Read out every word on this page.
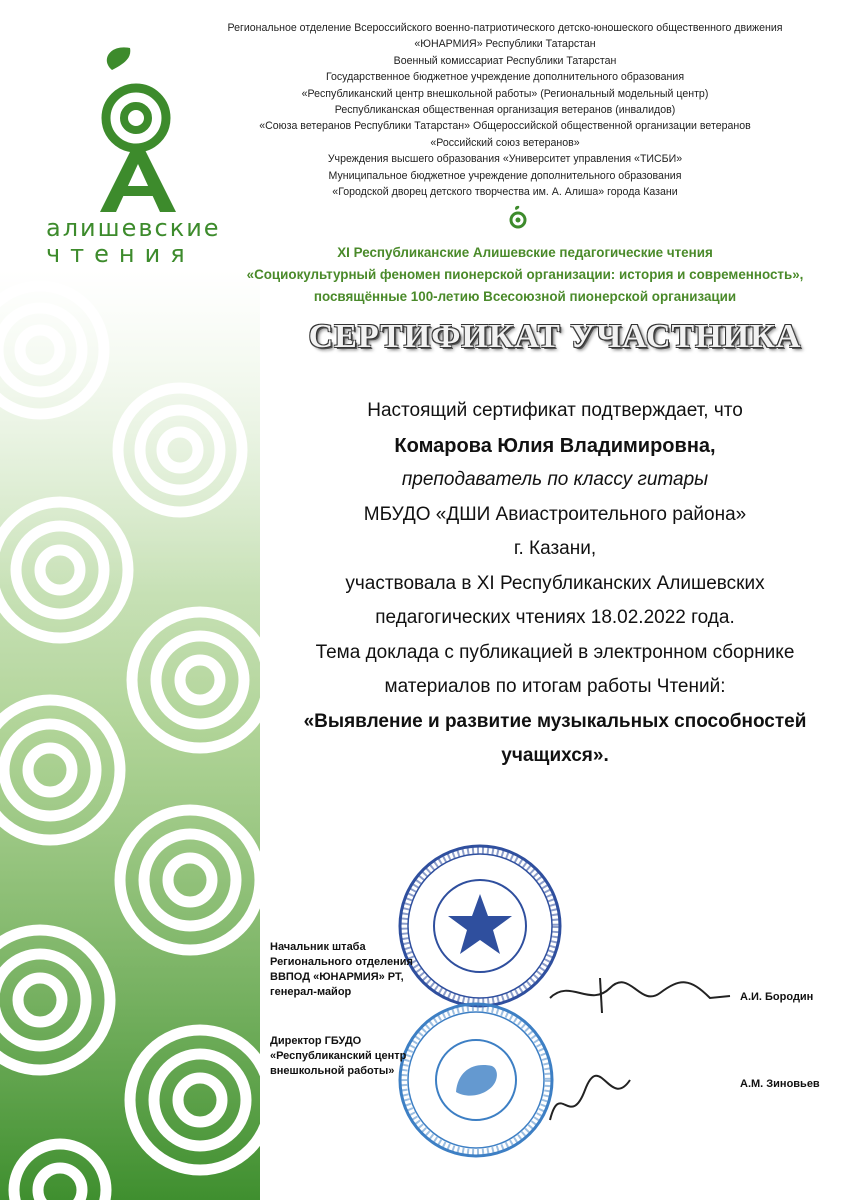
алишевские
чтения
Региональное отделение Всероссийского военно-патриотического детско-юношеского общественного движения
«ЮНАРМИЯ» Республики Татарстан
Военный комиссариат Республики Татарстан
Государственное бюджетное учреждение дополнительного образования
«Республиканский центр внешкольной работы» (Региональный модельный центр)
Республиканская общественная организация ветеранов (инвалидов)
«Союза ветеранов Республики Татарстан» Общероссийской общественной организации ветеранов
«Российский союз ветеранов»
Учреждения высшего образования «Университет управления «ТИСБИ»
Муниципальное бюджетное учреждение дополнительного образования
«Городской дворец детского творчества им. А. Алиша» города Казани
XI Республиканские Алишевские педагогические чтения
«Социокультурный феномен пионерской организации: история и современность»,
посвящённые 100-летию Всесоюзной пионерской организации
СЕРТИФИКАТ УЧАСТНИКА
Настоящий сертификат подтверждает, что
Комарова Юлия Владимировна,
преподаватель по классу гитары
МБУДО «ДШИ Авиастроительного района»
г. Казани,
участвовала в XI Республиканских Алишевских
педагогических чтениях 18.02.2022 года.
Тема доклада с публикацией в электронном сборнике
материалов по итогам работы Чтений:
«Выявление и развитие музыкальных способностей
учащихся».
Начальник штаба
Регионального отделения
ВВПОД «ЮНАРМИЯ» РТ,
генерал-майор	А.И. Бородин
Директор ГБУДО
«Республиканский центр
внешкольной работы»
А.М. Зиновьев
